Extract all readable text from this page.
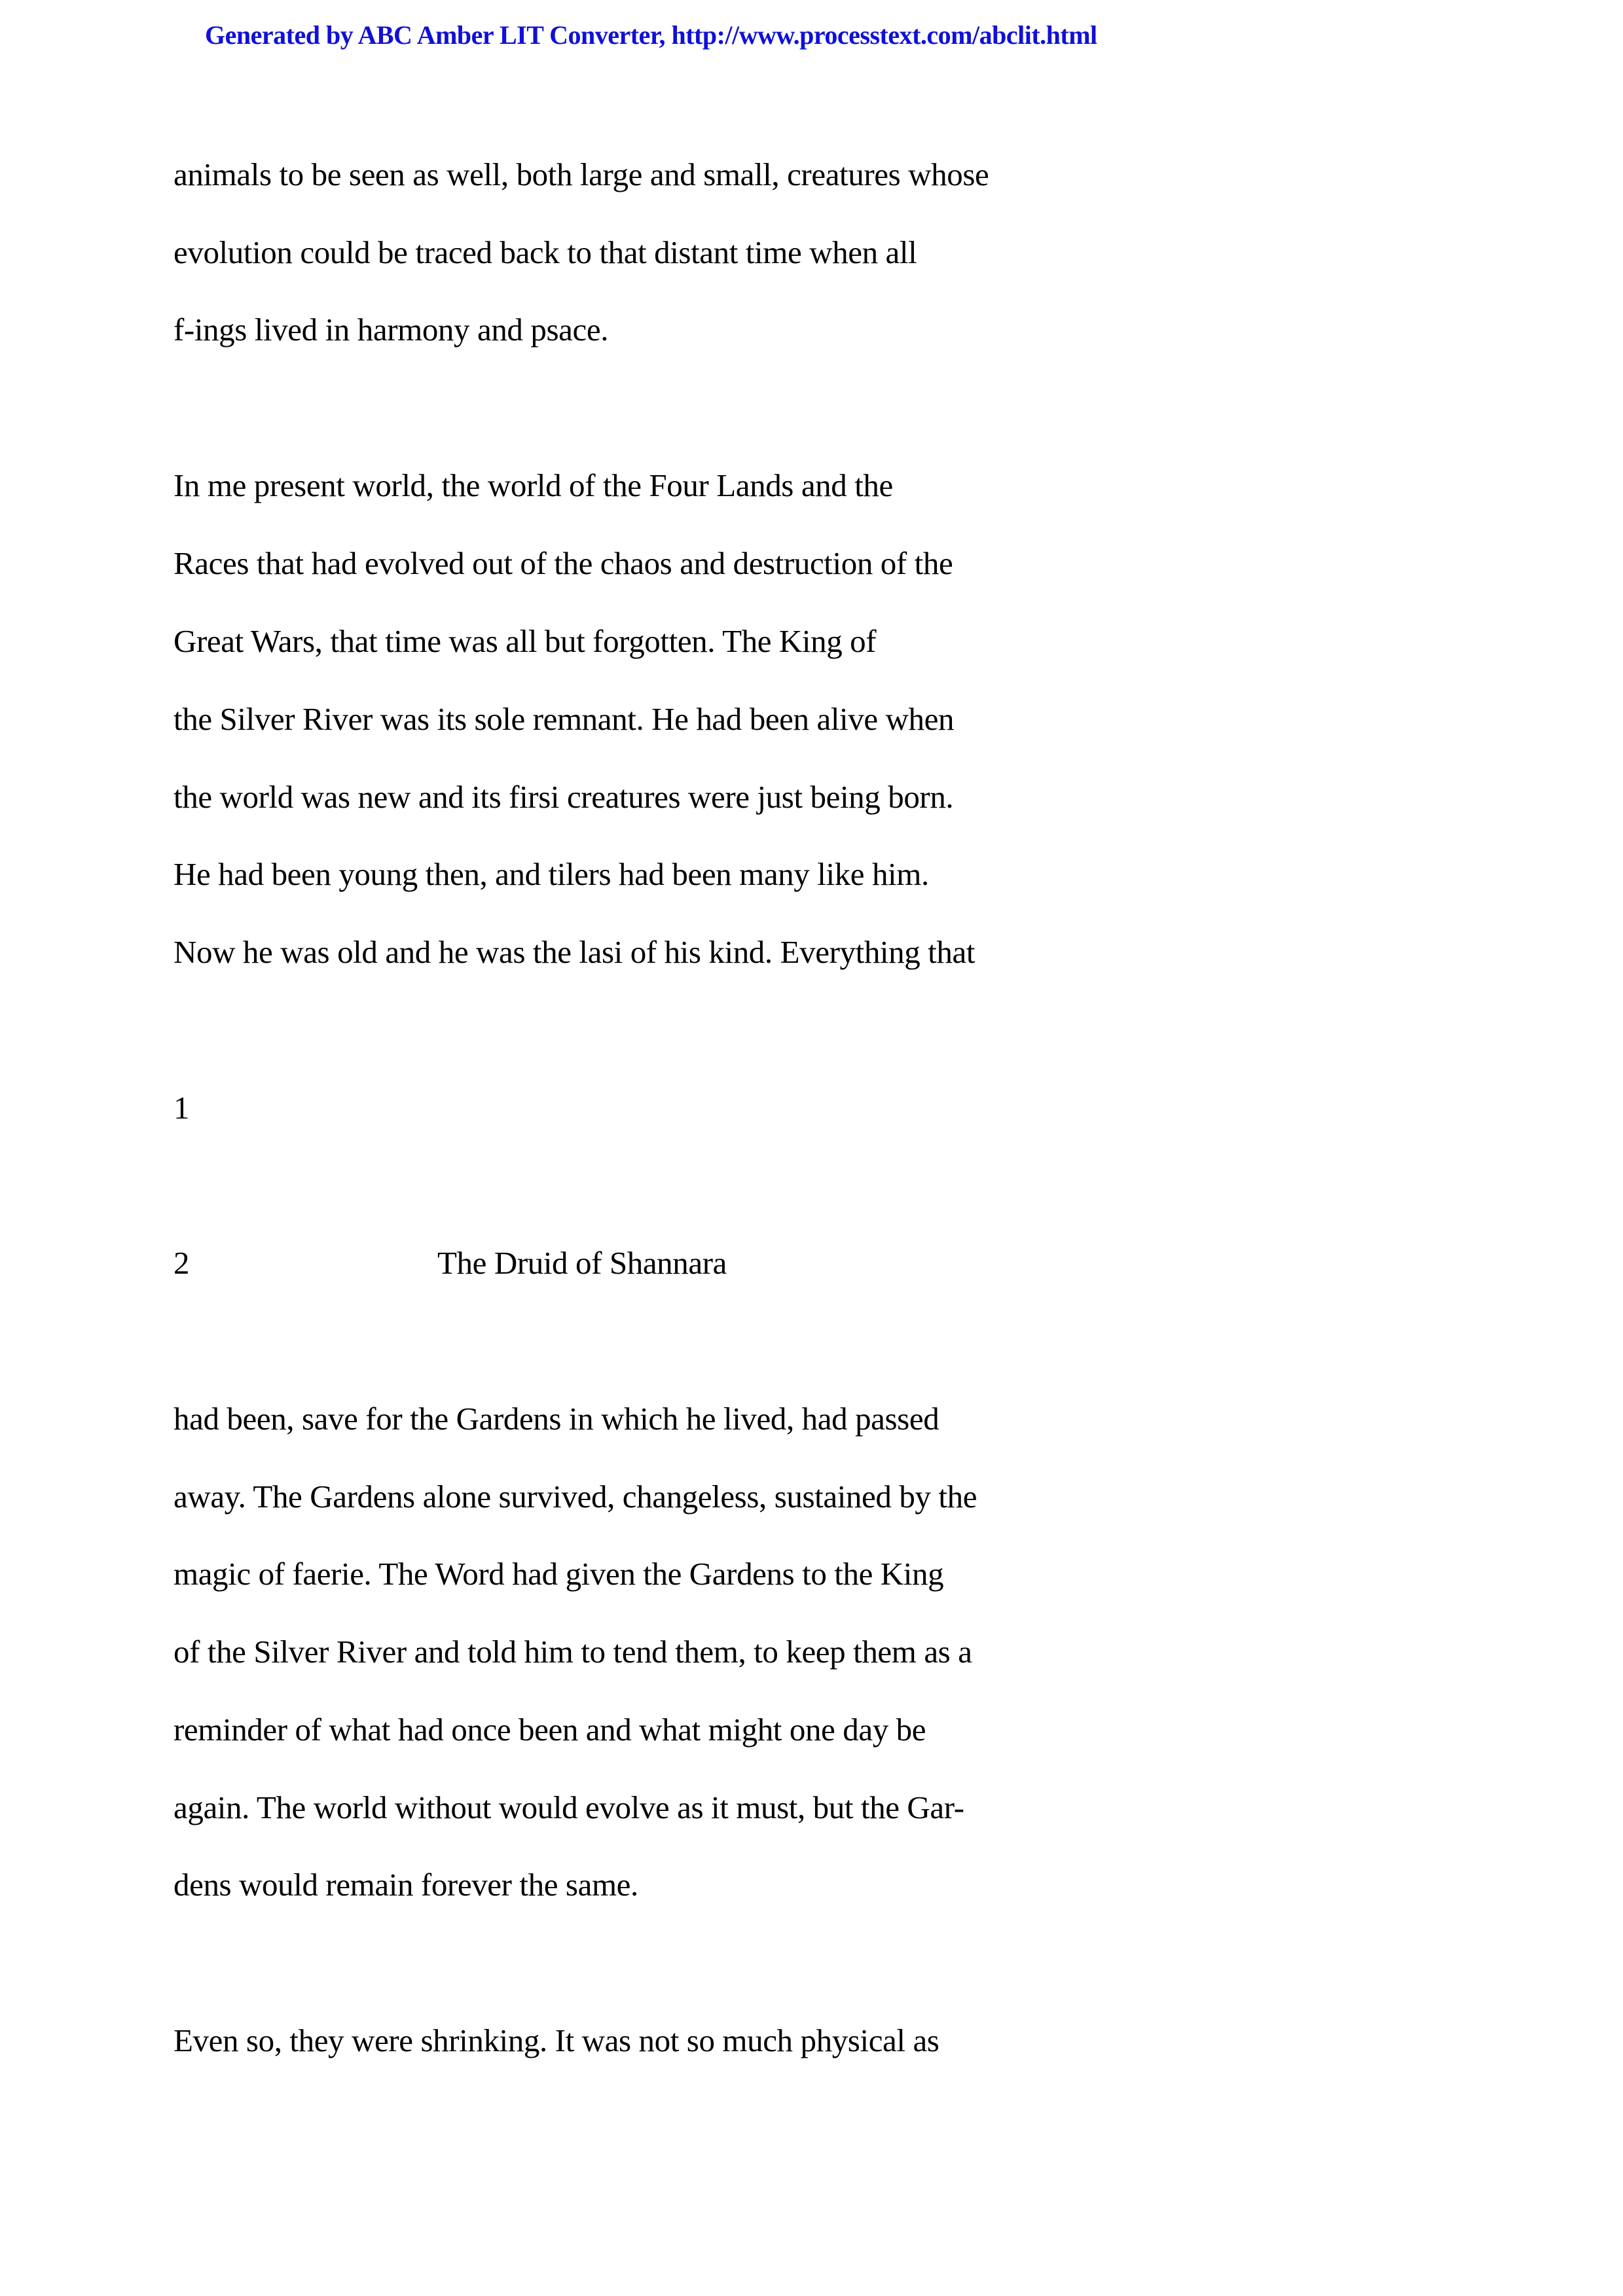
Generated by ABC Amber LIT Converter, http://www.processtext.com/abclit.html
animals to be seen as well, both large and small, creatures whose
evolution could be traced back to that distant time when all
f-ings lived in harmony and psace.
In me present world, the world of the Four Lands and the
Races that had evolved out of the chaos and destruction of the
Great Wars, that time was all but forgotten. The King of
the Silver River was its sole remnant. He had been alive when
the world was new and its firsi creatures were just being born.
He had been young then, and tilers had been many like him.
Now he was old and he was the lasi of his kind. Everything that
1
2	The Druid of Shannara
had been, save for the Gardens in which he lived, had passed
away. The Gardens alone survived, changeless, sustained by the
magic of faerie. The Word had given the Gardens to the King
of the Silver River and told him to tend them, to keep them as a
reminder of what had once been and what might one day be
again. The world without would evolve as it must, but the Gar-
dens would remain forever the same.
Even so, they were shrinking. It was not so much physical as
